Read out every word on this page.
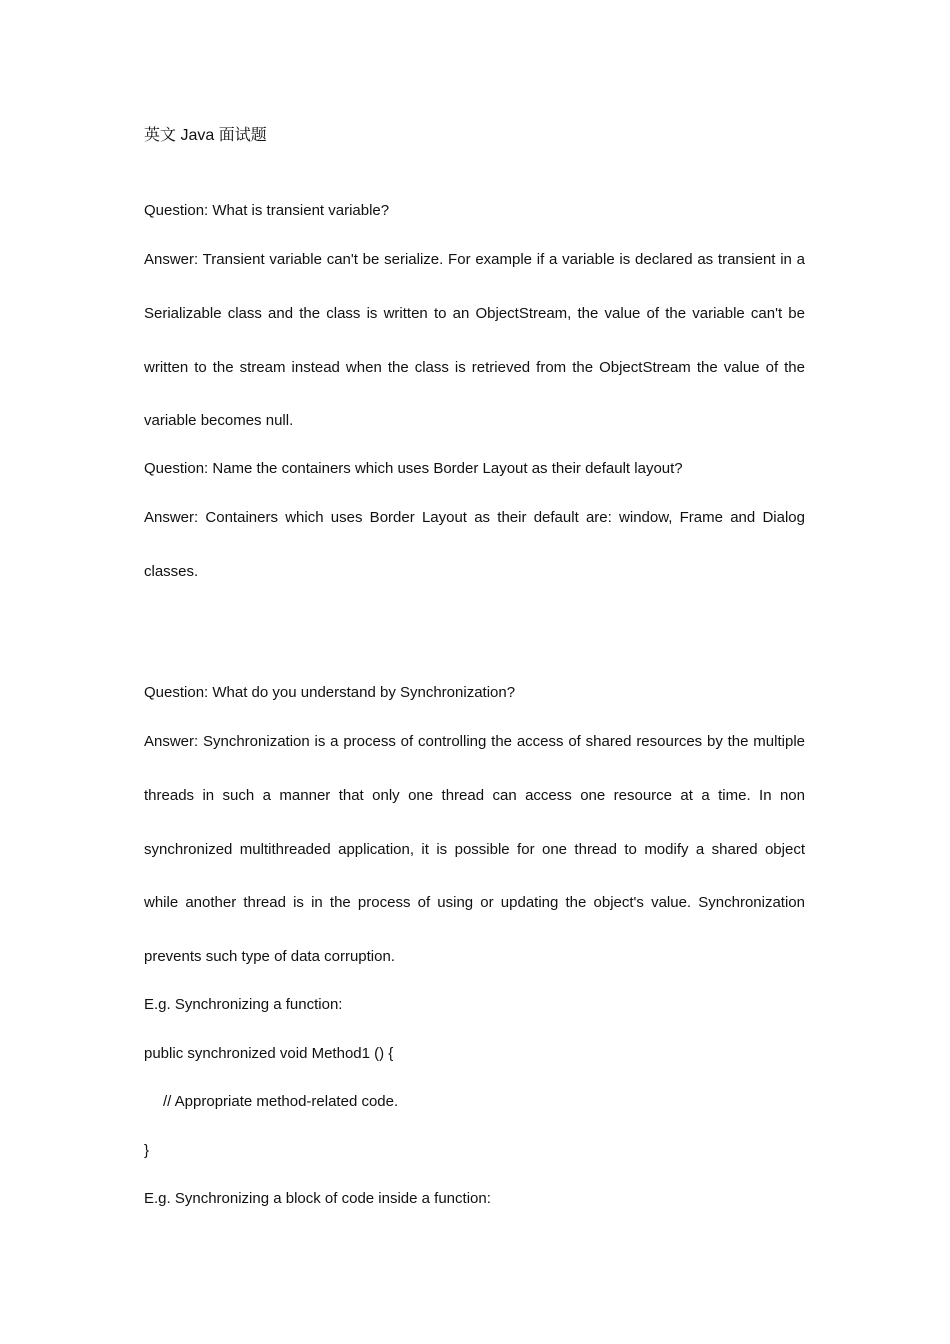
英文 Java 面试题
Question: What is transient variable?
Answer: Transient variable can't be serialize. For example if a variable is declared as transient in a
Serializable class and the class is written to an ObjectStream, the value of the variable can't be
written to the stream instead when the class is retrieved from the ObjectStream the value of the
variable becomes null.
Question: Name the containers which uses Border Layout as their default layout?
Answer: Containers which uses Border Layout as their default are: window, Frame and Dialog
classes.
Question: What do you understand by Synchronization?
Answer: Synchronization is a process of controlling the access of shared resources by the multiple
threads in such a manner that only one thread can access one resource at a time. In non
synchronized multithreaded application, it is possible for one thread to modify a shared object
while another thread is in the process of using or updating the object's value. Synchronization
prevents such type of data corruption.
E.g. Synchronizing a function:
public synchronized void Method1 () {
// Appropriate method-related code.
}
E.g. Synchronizing a block of code inside a function:
